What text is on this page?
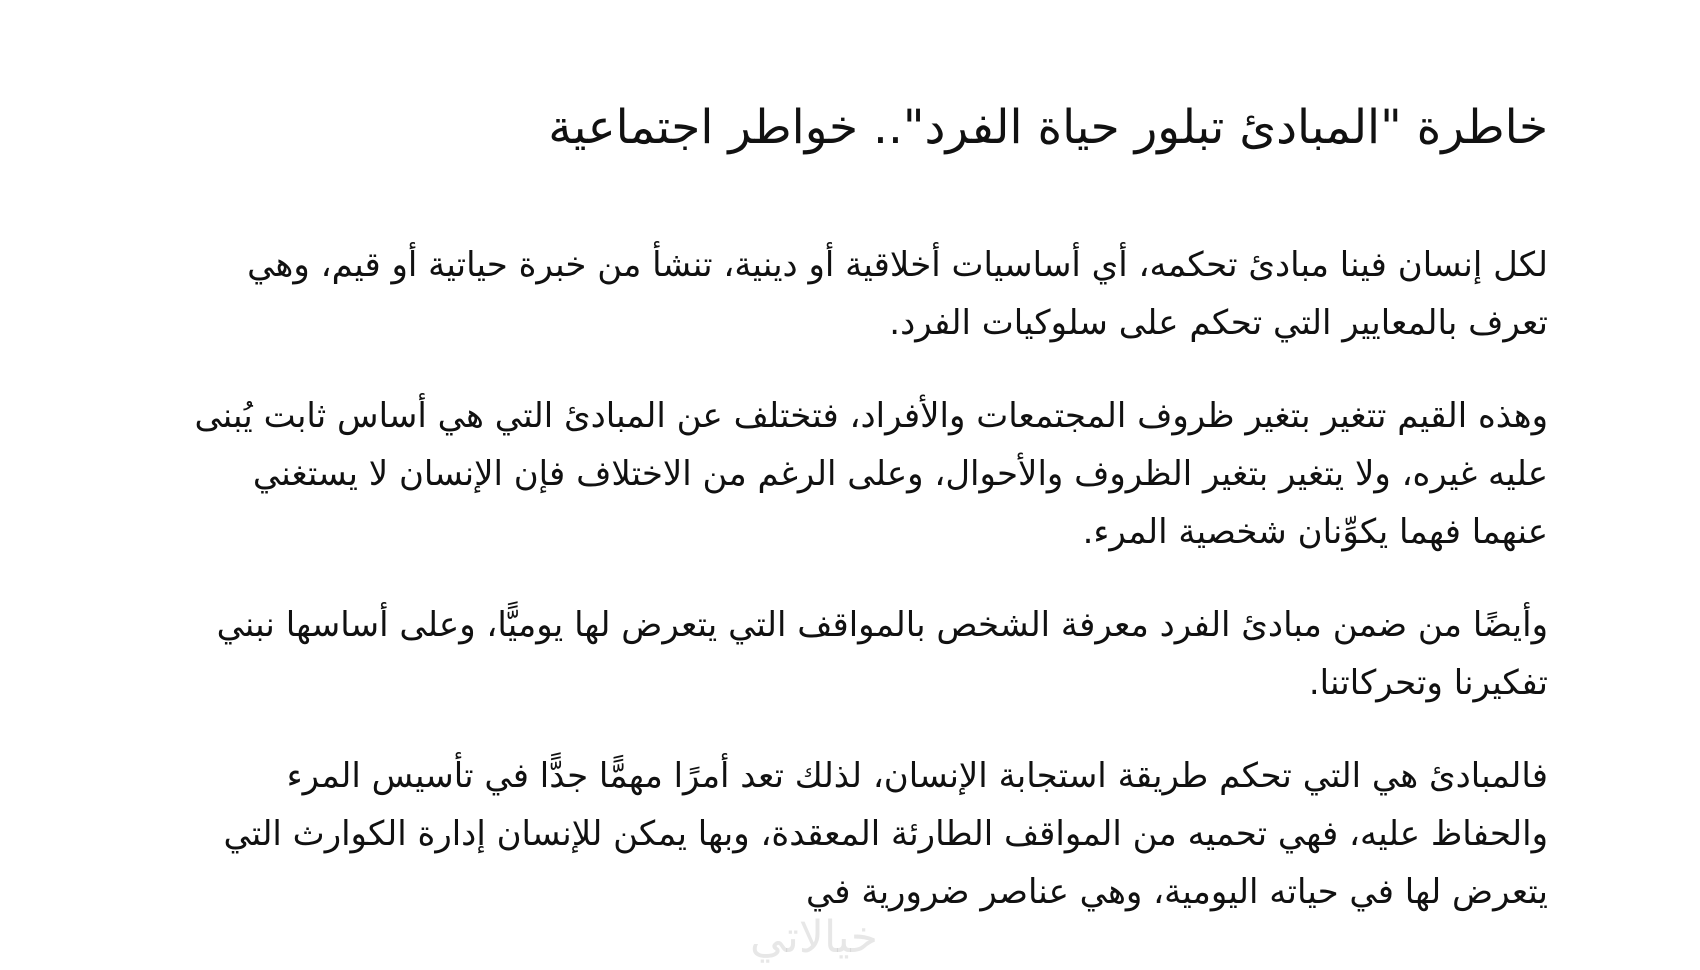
خاطرة "المبادئ تبلور حياة الفرد".. خواطر اجتماعية

لكل إنسان فينا مبادئ تحكمه، أي أساسيات أخلاقية أو دينية، تنشأ من خبرة حياتية أو قيم، وهي تعرف بالمعايير التي تحكم على سلوكيات الفرد.

وهذه القيم تتغير بتغير ظروف المجتمعات والأفراد، فتختلف عن المبادئ التي هي أساس ثابت يُبنى عليه غيره، ولا يتغير بتغير الظروف والأحوال، وعلى الرغم من الاختلاف فإن الإنسان لا يستغني عنهما فهما يكوِّنان شخصية المرء.

وأيضًا من ضمن مبادئ الفرد معرفة الشخص بالمواقف التي يتعرض لها يوميًّا، وعلى أساسها نبني تفكيرنا وتحركاتنا.

فالمبادئ هي التي تحكم طريقة استجابة الإنسان، لذلك تعد أمرًا مهمًّا جدًّا في تأسيس المرء والحفاظ عليه، فهي تحميه من المواقف الطارئة المعقدة، وبها يمكن للإنسان إدارة الكوارث التي يتعرض لها في حياته اليومية، وهي عناصر ضرورية في

خيالاتي
